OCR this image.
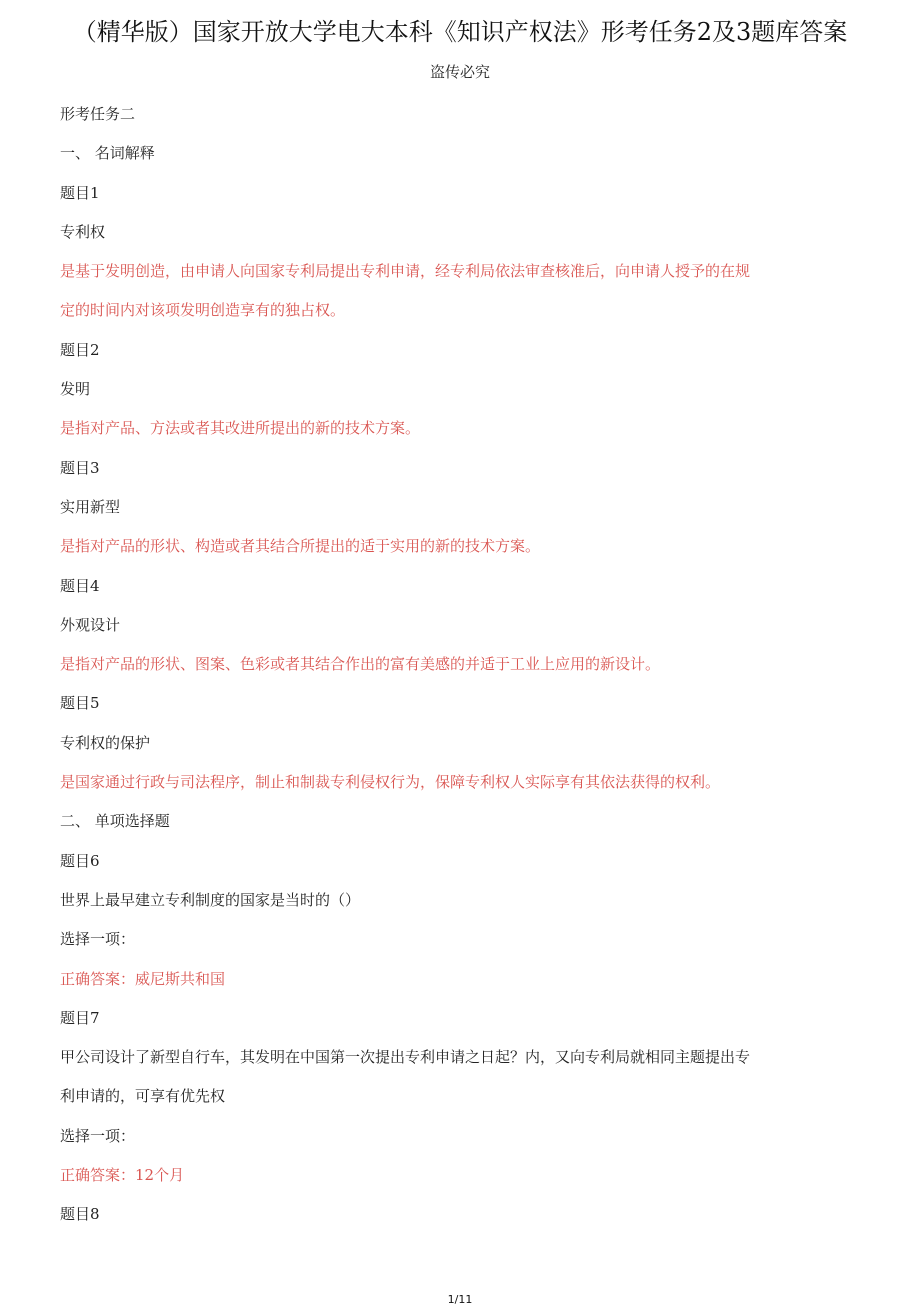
（精华版）国家开放大学电大本科《知识产权法》形考任务2及3题库答案
盗传必究

形考任务二

一、 名词解释

题目1

专利权

是基于发明创造，由申请人向国家专利局提出专利申请，经专利局依法审查核准后，向申请人授予的在规

定的时间内对该项发明创造享有的独占权。

题目2

发明

是指对产品、方法或者其改进所提出的新的技术方案。

题目3

实用新型

是指对产品的形状、构造或者其结合所提出的适于实用的新的技术方案。

题目4

外观设计

是指对产品的形状、图案、色彩或者其结合作出的富有美感的并适于工业上应用的新设计。

题目5

专利权的保护

是国家通过行政与司法程序，制止和制裁专利侵权行为，保障专利权人实际享有其依法获得的权利。

二、 单项选择题

题目6

世界上最早建立专利制度的国家是当时的（）

选择一项：

正确答案：威尼斯共和国

题目7

甲公司设计了新型自行车，其发明在中国第一次提出专利申请之日起？内，又向专利局就相同主题提出专

利申请的，可享有优先权

选择一项：

正确答案：12个月

题目8

1/11
